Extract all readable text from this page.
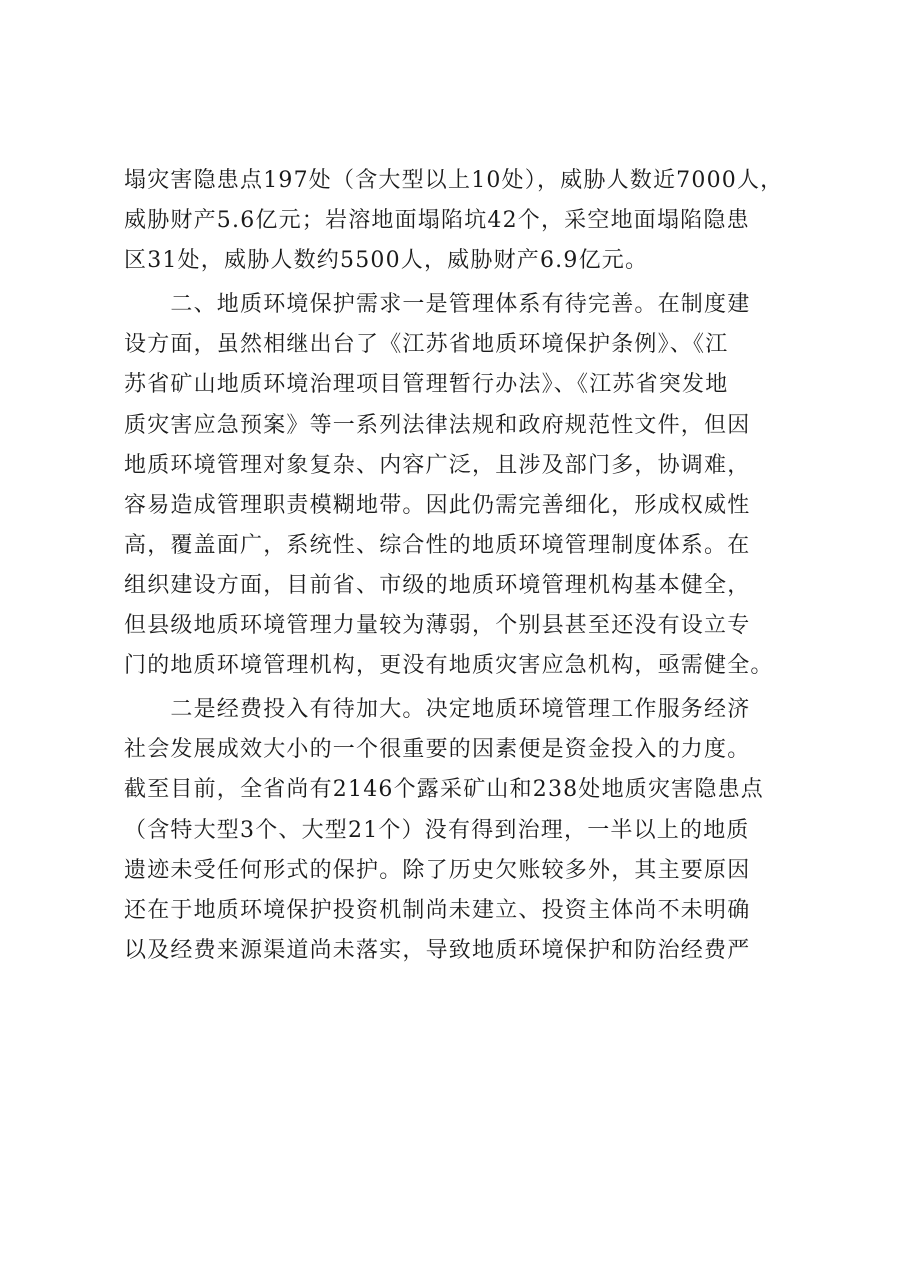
塌灾害隐患点197处（含大型以上10处），威胁人数近7000人，
威胁财产5.6亿元；岩溶地面塌陷坑42个，采空地面塌陷隐患
区31处，威胁人数约5500人，威胁财产6.9亿元。
　　二、地质环境保护需求一是管理体系有待完善。在制度建
设方面，虽然相继出台了《江苏省地质环境保护条例》、《江
苏省矿山地质环境治理项目管理暂行办法》、《江苏省突发地
质灾害应急预案》等一系列法律法规和政府规范性文件，但因
地质环境管理对象复杂、内容广泛，且涉及部门多，协调难，
容易造成管理职责模糊地带。因此仍需完善细化，形成权威性
高，覆盖面广，系统性、综合性的地质环境管理制度体系。在
组织建设方面，目前省、市级的地质环境管理机构基本健全，
但县级地质环境管理力量较为薄弱，个别县甚至还没有设立专
门的地质环境管理机构，更没有地质灾害应急机构，亟需健全。
　　二是经费投入有待加大。决定地质环境管理工作服务经济
社会发展成效大小的一个很重要的因素便是资金投入的力度。
截至目前，全省尚有2146个露采矿山和238处地质灾害隐患点
（含特大型3个、大型21个）没有得到治理，一半以上的地质
遗迹未受任何形式的保护。除了历史欠账较多外，其主要原因
还在于地质环境保护投资机制尚未建立、投资主体尚不未明确
以及经费来源渠道尚未落实，导致地质环境保护和防治经费严
